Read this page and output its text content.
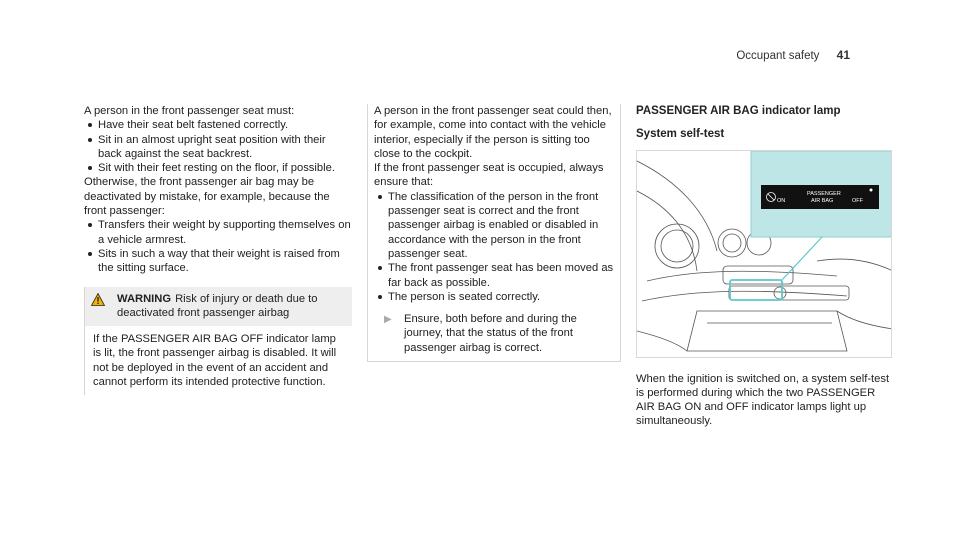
Occupant safety 41

A person in the front passenger seat must:

Have their seat belt fastened correctly.
Sit in an almost upright seat position with their back against the seat backrest.
Sit with their feet resting on the floor, if possible.

Otherwise, the front passenger air bag may be deactivated by mistake, for example, because the front passenger:

Transfers their weight by supporting themselves on a vehicle armrest.
Sits in such a way that their weight is raised from the sitting surface.
WARNING Risk of injury or death due to deactivated front passenger airbag
If the PASSENGER AIR BAG OFF indicator lamp is lit, the front passenger airbag is disabled. It will not be deployed in the event of an accident and cannot perform its intended protective function.

A person in the front passenger seat could then, for example, come into contact with the vehicle interior, especially if the person is sitting too close to the cockpit.

If the front passenger seat is occupied, always ensure that:

The classification of the person in the front passenger seat is correct and the front passenger airbag is enabled or disabled in accordance with the person in the front passenger seat.
The front passenger seat has been moved as far back as possible.
The person is seated correctly.
▶	Ensure, both before and during the journey, that the status of the front passenger airbag is correct.
PASSENGER AIR BAG indicator lamp
System self-test
ON
PASSENGER
AIR BAG	OFF
When the ignition is switched on, a system self-test is performed during which the two PASSENGER AIR BAG ON and OFF indicator lamps light up simultaneously.
